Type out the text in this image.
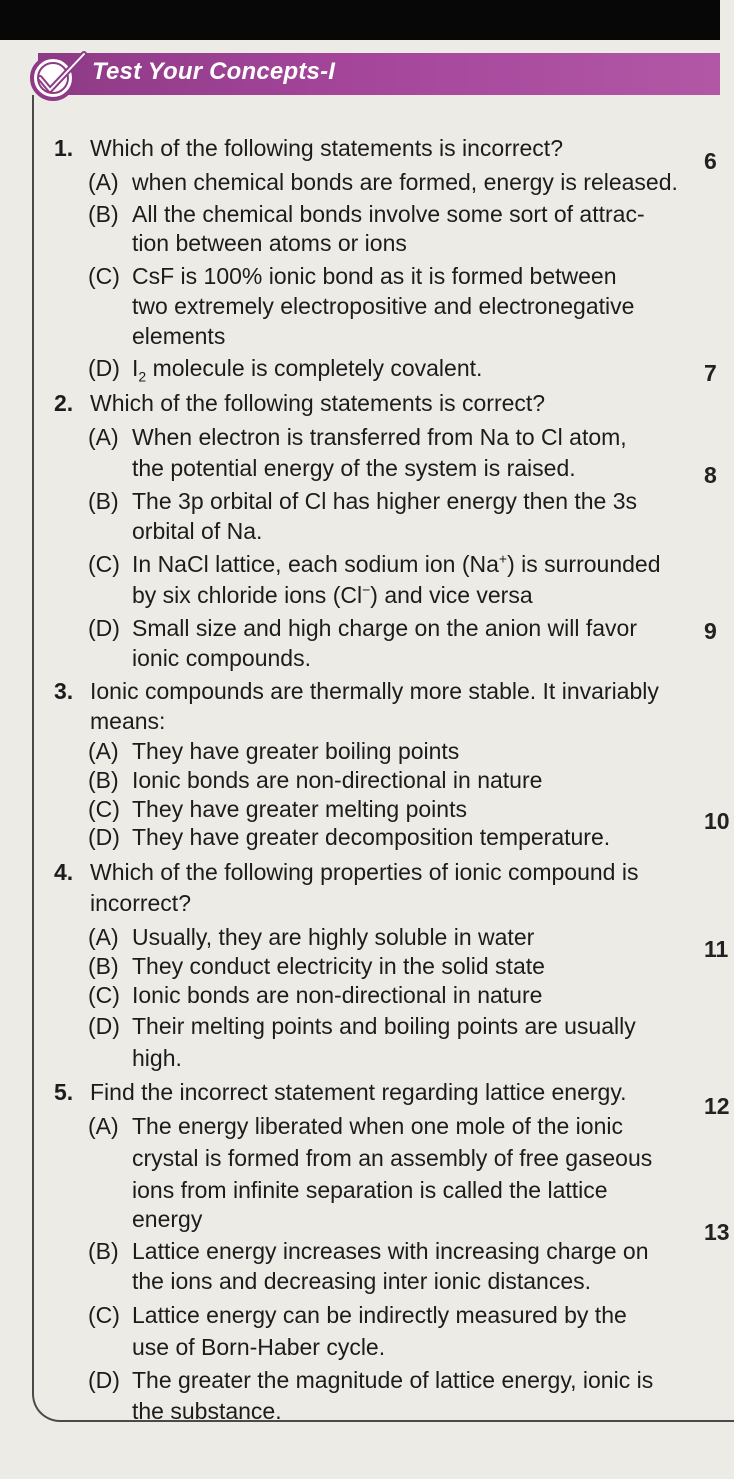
Test Your Concepts-I
1. Which of the following statements is incorrect?
(A) when chemical bonds are formed, energy is released.
(B) All the chemical bonds involve some sort of attrac-
tion between atoms or ions
(C) CsF is 100% ionic bond as it is formed between
two extremely electropositive and electronegative
elements
(D) $I_2$ molecule is completely covalent.
2. Which of the following statements is correct?
(A) When electron is transferred from Na to Cl atom,
the potential energy of the system is raised.
(B) The 3p orbital of Cl has higher energy then the 3s
orbital of Na.
(C) In NaCl lattice, each sodium ion (Na+) is surrounded
by six chloride ions (Cl−) and vice versa
(D) Small size and high charge on the anion will favor
ionic compounds.
3. Ionic compounds are thermally more stable. It invariably
means:
(A) They have greater boiling points
(B) Ionic bonds are non-directional in nature
(C) They have greater melting points
(D) They have greater decomposition temperature.
4. Which of the following properties of ionic compound is
incorrect?
(A) Usually, they are highly soluble in water
(B) They conduct electricity in the solid state
(C) Ionic bonds are non-directional in nature
(D) Their melting points and boiling points are usually
high.
5. Find the incorrect statement regarding lattice energy.
(A) The energy liberated when one mole of the ionic
crystal is formed from an assembly of free gaseous
ions from infinite separation is called the lattice
energy
(B) Lattice energy increases with increasing charge on
the ions and decreasing inter ionic distances.
(C) Lattice energy can be indirectly measured by the
use of Born-Haber cycle.
(D) The greater the magnitude of lattice energy, ionic is
the substance.
6
7
8
9
10
11
12
13
